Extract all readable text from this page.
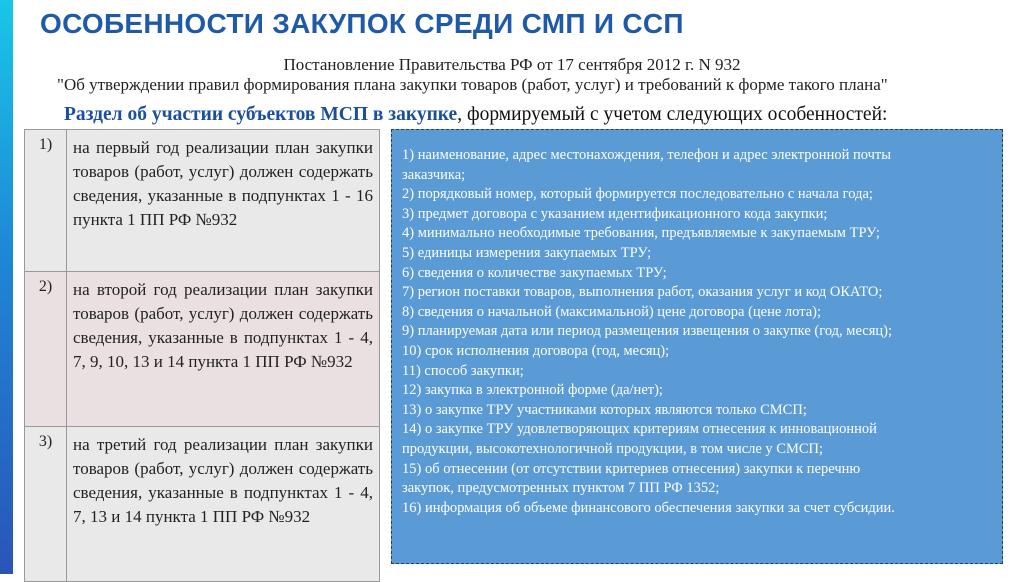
ОСОБЕННОСТИ ЗАКУПОК СРЕДИ СМП И ССП
Постановление Правительства РФ от 17 сентября 2012 г. N 932
"Об утверждении правил формирования плана закупки товаров (работ, услуг) и требований к форме такого плана"
Раздел об участии субъектов МСП в закупке, формируемый с учетом следующих особенностей:
1)	на первый год реализации план закупки товаров (работ, услуг) должен содержать сведения, указанные в подпунктах 1 - 16 пункта 1 ПП РФ №932
2)	на второй год реализации план закупки товаров (работ, услуг) должен содержать сведения, указанные в подпунктах 1 - 4, 7, 9, 10, 13 и 14 пункта 1 ПП РФ №932
3)	на третий год реализации план закупки товаров (работ, услуг) должен содержать сведения, указанные в подпунктах 1 - 4, 7, 13 и 14 пункта 1 ПП РФ №932
1) наименование, адрес местонахождения, телефон и адрес электронной почты
заказчика;
2) порядковый номер, который формируется последовательно с начала года;
3) предмет договора с указанием идентификационного кода закупки;
4) минимально необходимые требования, предъявляемые к закупаемым ТРУ;
5) единицы измерения закупаемых ТРУ;
6) сведения о количестве закупаемых ТРУ;
7) регион поставки товаров, выполнения работ, оказания услуг и код ОКАТО;
8) сведения о начальной (максимальной) цене договора (цене лота);
9) планируемая дата или период размещения извещения о закупке (год, месяц);
10) срок исполнения договора (год, месяц);
11) способ закупки;
12) закупка в электронной форме (да/нет);
13) о закупке ТРУ участниками которых являются только СМСП;
14) о закупке ТРУ удовлетворяющих критериям отнесения к инновационной
продукции, высокотехнологичной продукции, в том числе у СМСП;
15) об отнесении (от отсутствии критериев отнесения) закупки к перечню
закупок, предусмотренных пунктом 7 ПП РФ 1352;
16) информация об объеме финансового обеспечения закупки за счет субсидии.
